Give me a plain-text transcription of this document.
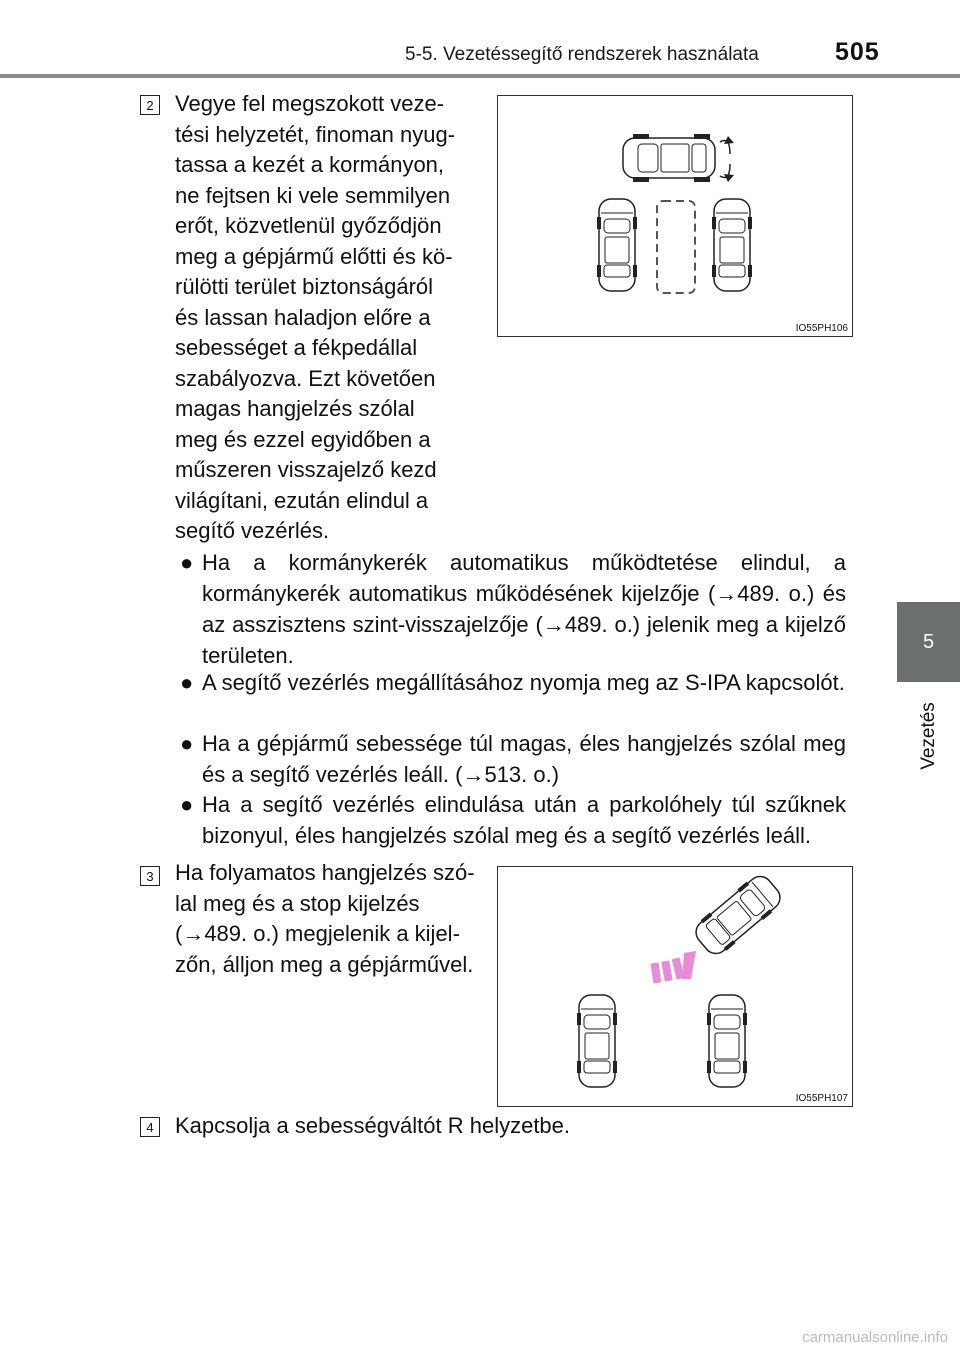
5-5. Vezetéssegítő rendszerek használata	505
5
Vezetés
2 Vegye fel megszokott veze-
tési helyzetét, finoman nyug-
tassa a kezét a kormányon,
ne fejtsen ki vele semmilyen
erőt, közvetlenül győződjön
meg a gépjármű előtti és kö-
rülötti terület biztonságáról
és lassan haladjon előre a
sebességet a fékpedállal
szabályozva. Ezt követően
magas hangjelzés szólal
meg és ezzel egyidőben a
műszeren visszajelző kezd
világítani, ezután elindul a
segítő vezérlés.
IO55PH106
● Ha a kormánykerék automatikus működtetése elindul, a kormánykerék automatikus működésének kijelzője (→489. o.) és az asszisztens szint-visszajelzője (→489. o.) jelenik meg a kijelző területen.
● A segítő vezérlés megállításához nyomja meg az S-IPA kapcsolót.
● Ha a gépjármű sebessége túl magas, éles hangjelzés szólal meg és a segítő vezérlés leáll. (→513. o.)
● Ha a segítő vezérlés elindulása után a parkolóhely túl szűknek bizonyul, éles hangjelzés szólal meg és a segítő vezérlés leáll.
3 Ha folyamatos hangjelzés szó-
lal meg és a stop kijelzés
(→489. o.) megjelenik a kijel-
zőn, álljon meg a gépjárművel.
IO55PH107
4 Kapcsolja a sebességváltót R helyzetbe.
carmanualsonline.info
